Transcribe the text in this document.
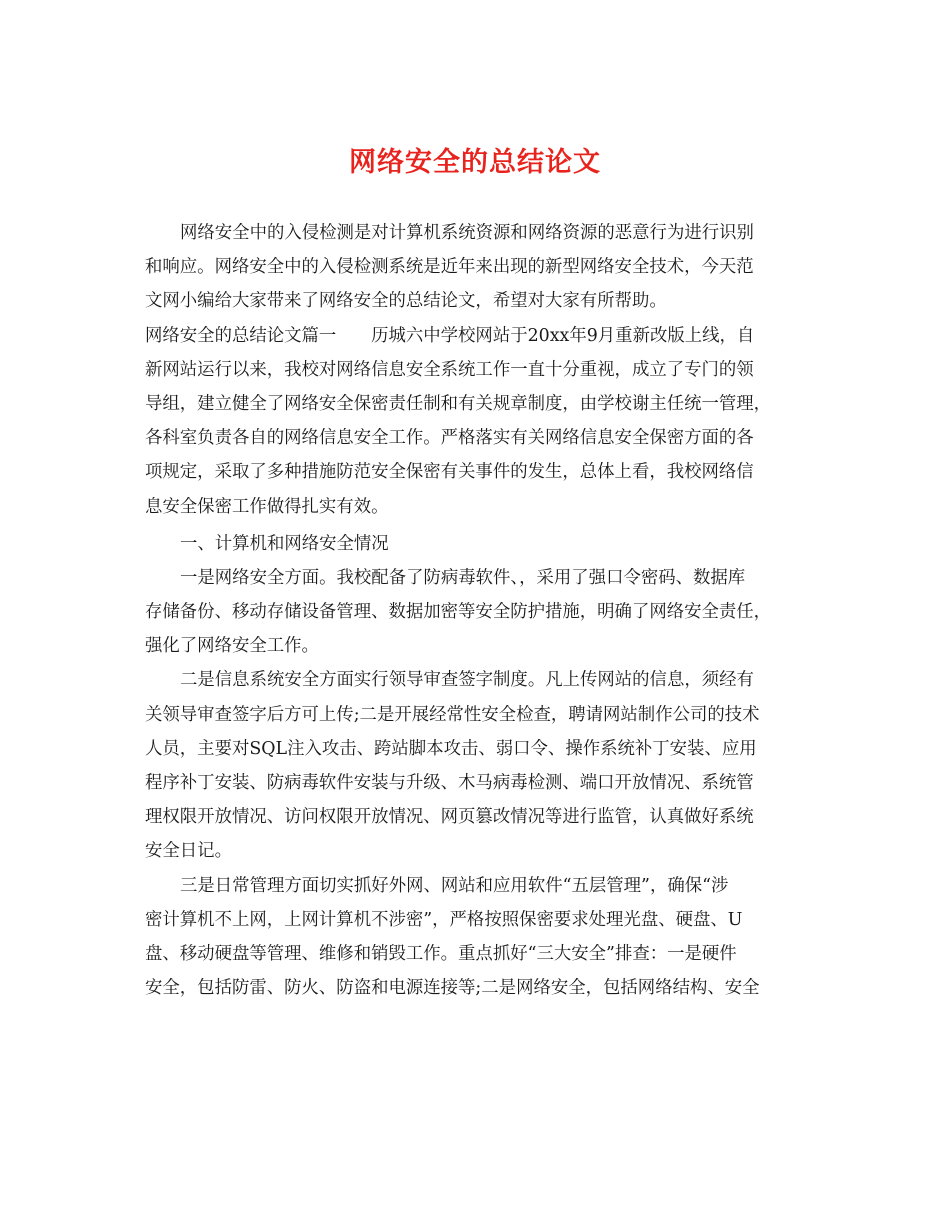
网络安全的总结论文
网络安全中的入侵检测是对计算机系统资源和网络资源的恶意行为进行识别
和响应。网络安全中的入侵检测系统是近年来出现的新型网络安全技术，今天范
文网小编给大家带来了网络安全的总结论文，希望对大家有所帮助。
网络安全的总结论文篇一　　历城六中学校网站于20xx年9月重新改版上线，自
新网站运行以来，我校对网络信息安全系统工作一直十分重视，成立了专门的领
导组，建立健全了网络安全保密责任制和有关规章制度，由学校谢主任统一管理，
各科室负责各自的网络信息安全工作。严格落实有关网络信息安全保密方面的各
项规定，采取了多种措施防范安全保密有关事件的发生，总体上看，我校网络信
息安全保密工作做得扎实有效。
一、计算机和网络安全情况
一是网络安全方面。我校配备了防病毒软件、，采用了强口令密码、数据库
存储备份、移动存储设备管理、数据加密等安全防护措施，明确了网络安全责任，
强化了网络安全工作。
二是信息系统安全方面实行领导审查签字制度。凡上传网站的信息，须经有
关领导审查签字后方可上传;二是开展经常性安全检查，聘请网站制作公司的技术
人员，主要对SQL注入攻击、跨站脚本攻击、弱口令、操作系统补丁安装、应用
程序补丁安装、防病毒软件安装与升级、木马病毒检测、端口开放情况、系统管
理权限开放情况、访问权限开放情况、网页篡改情况等进行监管，认真做好系统
安全日记。
三是日常管理方面切实抓好外网、网站和应用软件“五层管理”，确保“涉
密计算机不上网，上网计算机不涉密”，严格按照保密要求处理光盘、硬盘、U
盘、移动硬盘等管理、维修和销毁工作。重点抓好“三大安全”排查：一是硬件
安全，包括防雷、防火、防盗和电源连接等;二是网络安全，包括网络结构、安全
